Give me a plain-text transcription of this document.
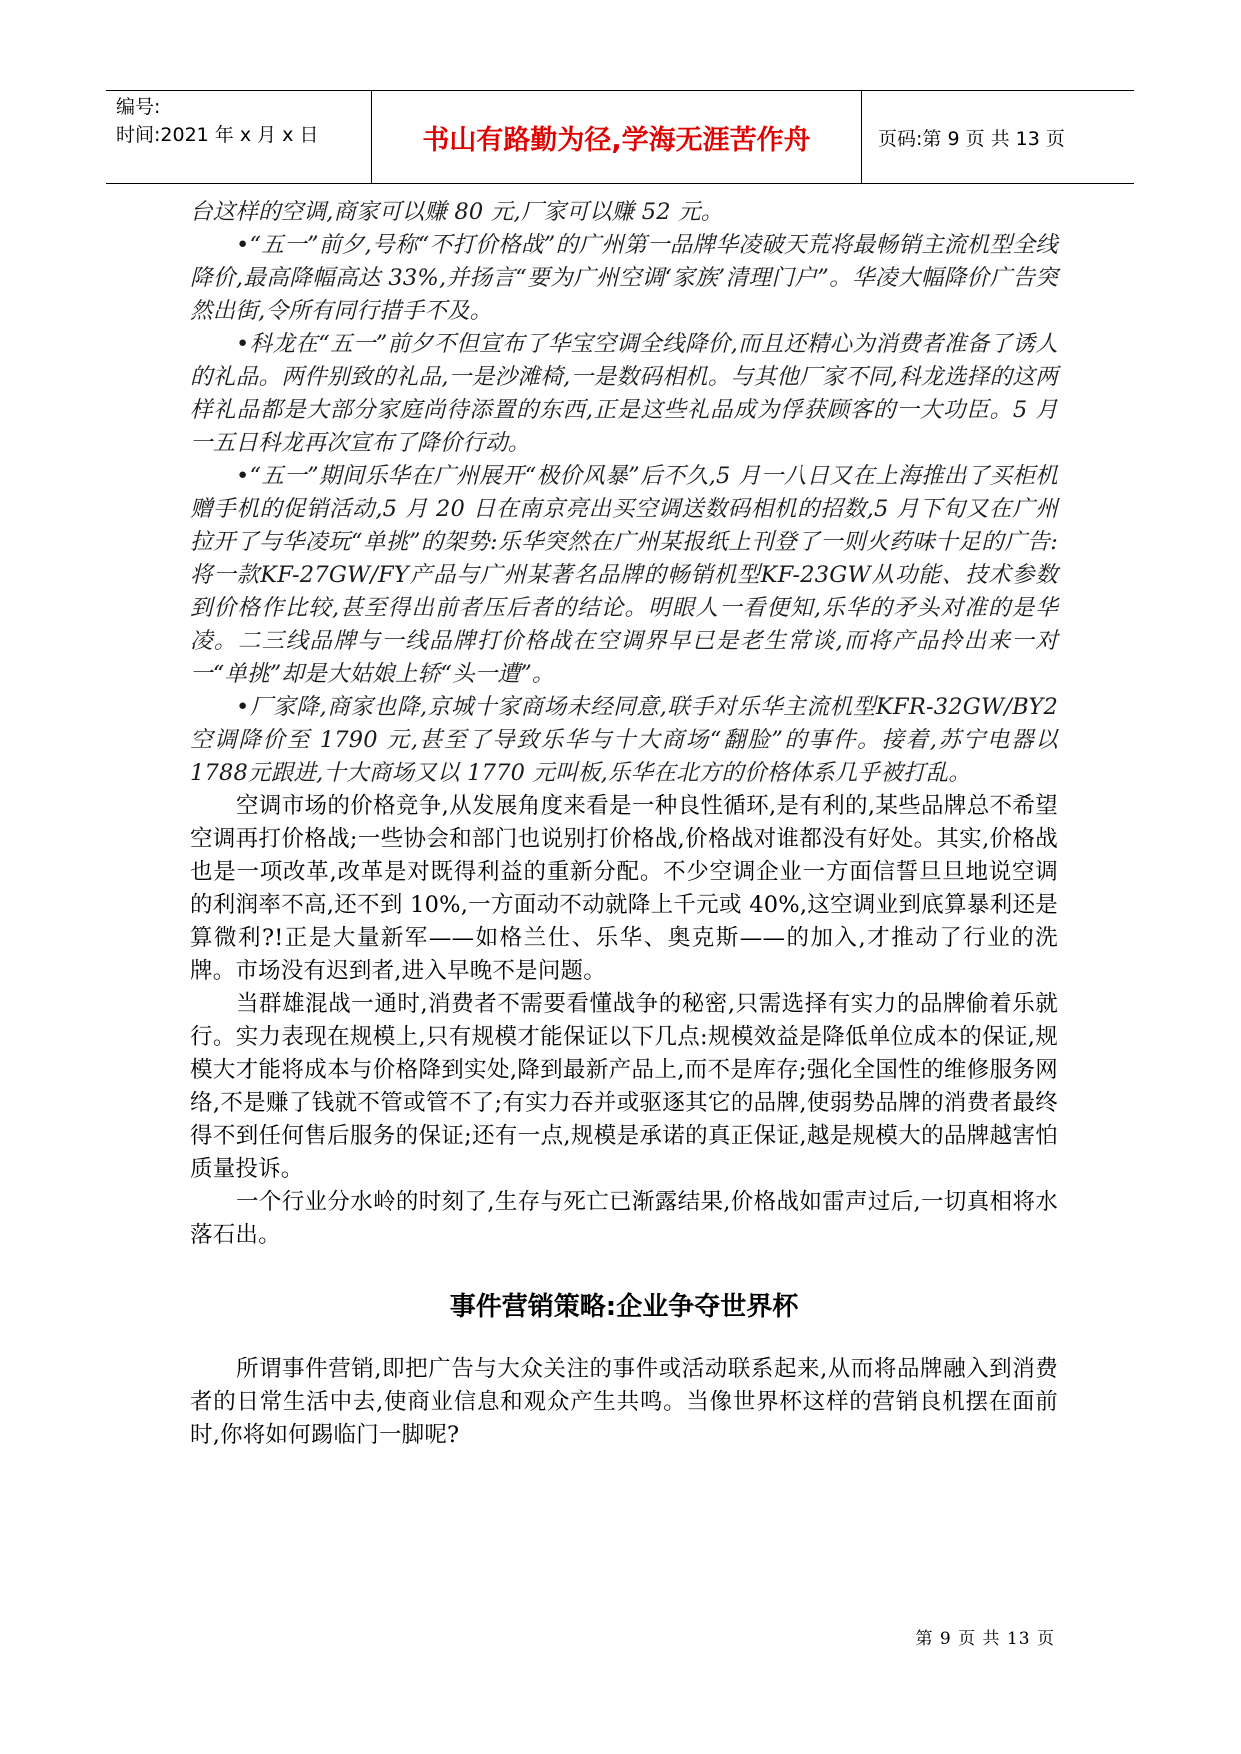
编号:
时间:2021 年 x 月 x 日	书山有路勤为径,学海无涯苦作舟	页码:第 9 页 共 13 页

台这样的空调,商家可以赚 80 元,厂家可以赚 52 元。

•“五一”前夕,号称“不打价格战”的广州第一品牌华凌破天荒将最畅销主流机型全线降价,最高降幅高达 33%,并扬言“要为广州空调‘家族’清理门户”。华凌大幅降价广告突然出街,令所有同行措手不及。

•科龙在“五一”前夕不但宣布了华宝空调全线降价,而且还精心为消费者准备了诱人的礼品。两件别致的礼品,一是沙滩椅,一是数码相机。与其他厂家不同,科龙选择的这两样礼品都是大部分家庭尚待添置的东西,正是这些礼品成为俘获顾客的一大功臣。5 月一五日科龙再次宣布了降价行动。

•“五一”期间乐华在广州展开“极价风暴”后不久,5 月一八日又在上海推出了买柜机赠手机的促销活动,5 月 20 日在南京亮出买空调送数码相机的招数,5 月下旬又在广州拉开了与华凌玩“单挑”的架势:乐华突然在广州某报纸上刊登了一则火药味十足的广告:将一款KF-27GW/FY产品与广州某著名品牌的畅销机型KF-23GW从功能、技术参数到价格作比较,甚至得出前者压后者的结论。明眼人一看便知,乐华的矛头对准的是华凌。二三线品牌与一线品牌打价格战在空调界早已是老生常谈,而将产品拎出来一对一“单挑”却是大姑娘上轿“头一遭”。

•厂家降,商家也降,京城十家商场未经同意,联手对乐华主流机型KFR-32GW/BY2空调降价至 1790 元,甚至了导致乐华与十大商场“翻脸”的事件。接着,苏宁电器以1788元跟进,十大商场又以 1770 元叫板,乐华在北方的价格体系几乎被打乱。

空调市场的价格竞争,从发展角度来看是一种良性循环,是有利的,某些品牌总不希望空调再打价格战;一些协会和部门也说别打价格战,价格战对谁都没有好处。其实,价格战也是一项改革,改革是对既得利益的重新分配。不少空调企业一方面信誓旦旦地说空调的利润率不高,还不到 10%,一方面动不动就降上千元或 40%,这空调业到底算暴利还是算微利?!正是大量新军——如格兰仕、乐华、奥克斯——的加入,才推动了行业的洗牌。市场没有迟到者,进入早晚不是问题。

当群雄混战一通时,消费者不需要看懂战争的秘密,只需选择有实力的品牌偷着乐就行。实力表现在规模上,只有规模才能保证以下几点:规模效益是降低单位成本的保证,规模大才能将成本与价格降到实处,降到最新产品上,而不是库存;强化全国性的维修服务网络,不是赚了钱就不管或管不了;有实力吞并或驱逐其它的品牌,使弱势品牌的消费者最终得不到任何售后服务的保证;还有一点,规模是承诺的真正保证,越是规模大的品牌越害怕质量投诉。

一个行业分水岭的时刻了,生存与死亡已渐露结果,价格战如雷声过后,一切真相将水落石出。

事件营销策略:企业争夺世界杯

所谓事件营销,即把广告与大众关注的事件或活动联系起来,从而将品牌融入到消费者的日常生活中去,使商业信息和观众产生共鸣。当像世界杯这样的营销良机摆在面前时,你将如何踢临门一脚呢?

第 9 页 共 13 页
